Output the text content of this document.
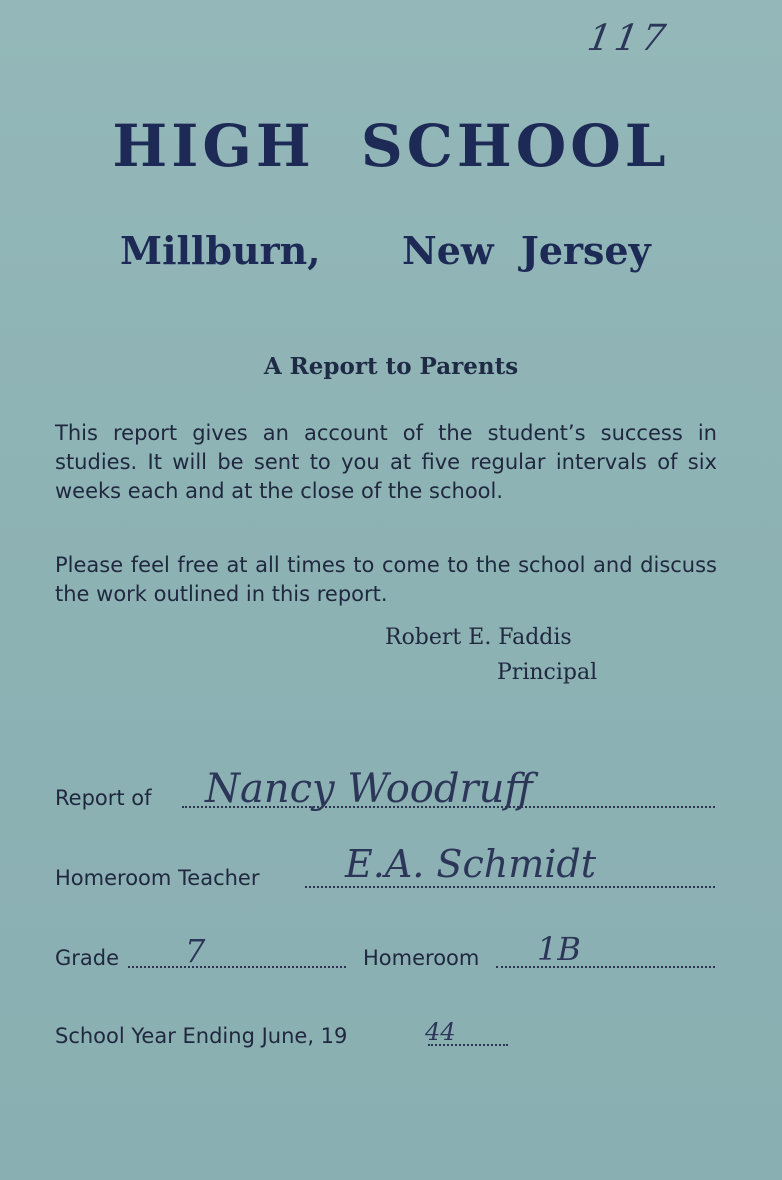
117
HIGH SCHOOL
Millburn, New Jersey
A Report to Parents
This report gives an account of the student’s success in studies. It will be sent to you at five regular intervals of six weeks each and at the close of the school.
Please feel free at all times to come to the school and discuss the work outlined in this report.
Robert E. Faddis
Principal
Report of Nancy Woodruff
Homeroom Teacher E.A. Schmidt
Grade 7	Homeroom 1B
School Year Ending June, 19	44
